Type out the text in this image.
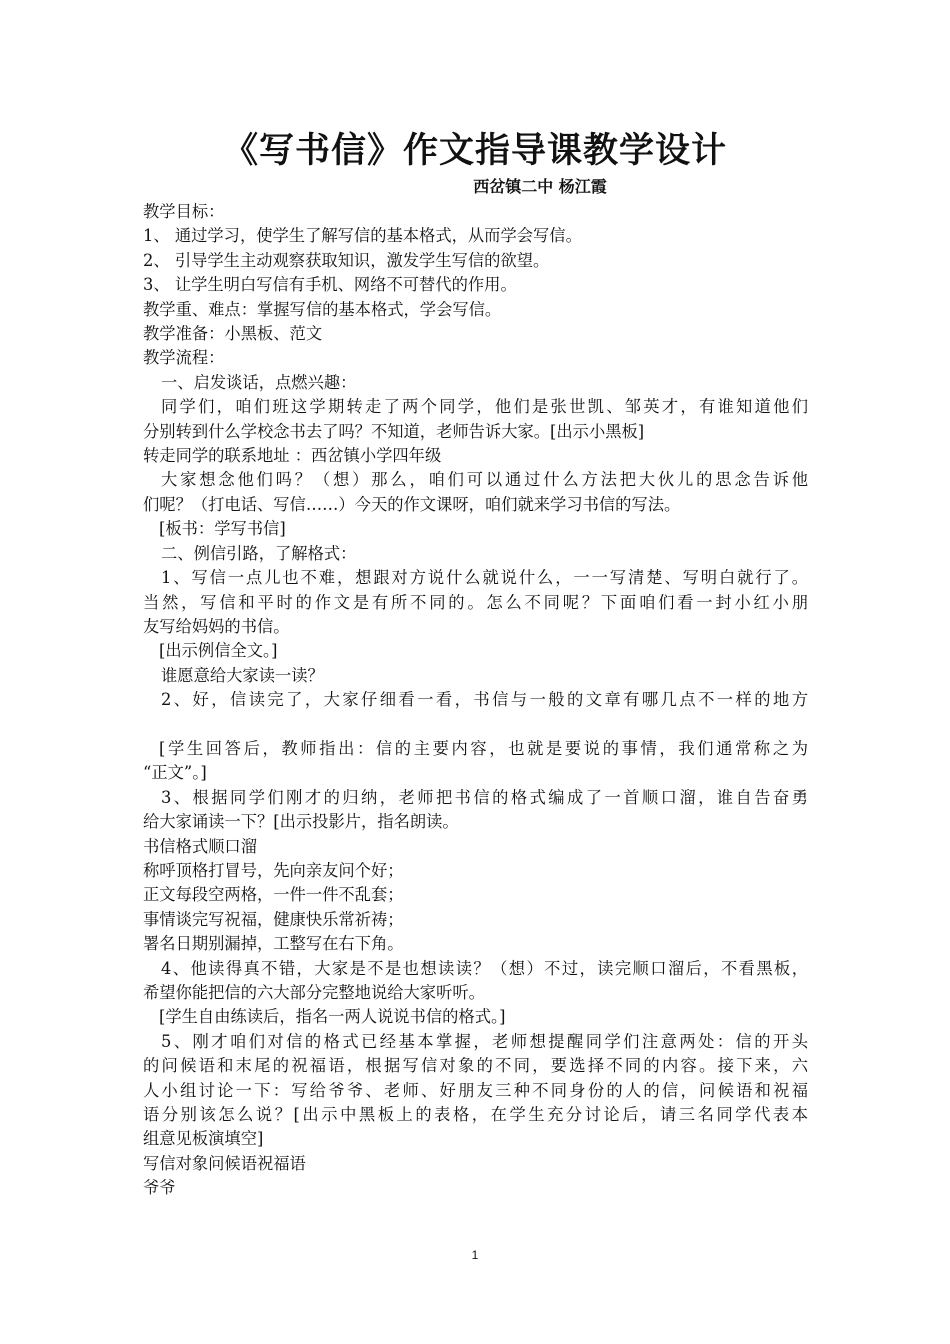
《写书信》作文指导课教学设计
西岔镇二中 杨江霞
教学目标：
1、 通过学习，使学生了解写信的基本格式，从而学会写信。
2、 引导学生主动观察获取知识，激发学生写信的欲望。
3、 让学生明白写信有手机、网络不可替代的作用。
教学重、难点：掌握写信的基本格式，学会写信。
教学准备：小黑板、范文
教学流程：
一、启发谈话，点燃兴趣：
同学们，咱们班这学期转走了两个同学，他们是张世凯、邹英才，有谁知道他们
分别转到什么学校念书去了吗？不知道，老师告诉大家。[出示小黑板]
转走同学的联系地址 ：西岔镇小学四年级
大家想念他们吗？（想）那么，咱们可以通过什么方法把大伙儿的思念告诉他
们呢？（打电话、写信……）今天的作文课呀，咱们就来学习书信的写法。
[板书：学写书信]
二、例信引路，了解格式：
1、写信一点儿也不难，想跟对方说什么就说什么，一一写清楚、写明白就行了。
当然，写信和平时的作文是有所不同的。怎么不同呢？下面咱们看一封小红小朋
友写给妈妈的书信。
[出示例信全文。]
谁愿意给大家读一读？
2、好，信读完了，大家仔细看一看，书信与一般的文章有哪几点不一样的地方
[学生回答后，教师指出：信的主要内容，也就是要说的事情，我们通常称之为
“正文”。]
3、根据同学们刚才的归纳，老师把书信的格式编成了一首顺口溜，谁自告奋勇
给大家诵读一下？[出示投影片，指名朗读。
书信格式顺口溜
称呼顶格打冒号，先向亲友问个好；
正文每段空两格，一件一件不乱套；
事情谈完写祝福，健康快乐常祈祷；
署名日期别漏掉，工整写在右下角。
4、他读得真不错，大家是不是也想读读？（想）不过，读完顺口溜后，不看黑板，
希望你能把信的六大部分完整地说给大家听听。
[学生自由练读后，指名一两人说说书信的格式。]
5、刚才咱们对信的格式已经基本掌握，老师想提醒同学们注意两处：信的开头
的问候语和末尾的祝福语，根据写信对象的不同，要选择不同的内容。接下来，六
人小组讨论一下：写给爷爷、老师、好朋友三种不同身份的人的信，问候语和祝福
语分别该怎么说？[出示中黑板上的表格，在学生充分讨论后，请三名同学代表本
组意见板演填空]
写信对象问候语祝福语
爷爷
1
